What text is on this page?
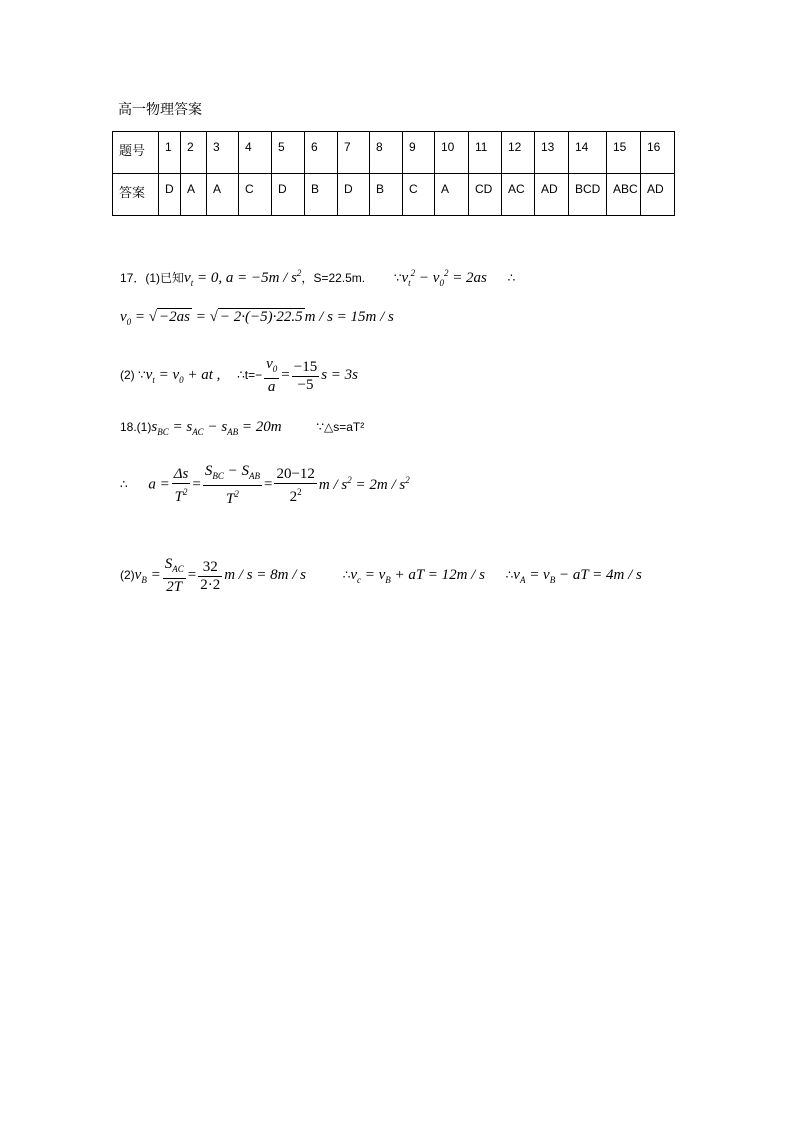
高一物理答案
题号	1	2	3	4	5	6	7	8	9	10	11	12	13	14	15	16
答案	D	A	A	C	D	B	D	B	C	A	CD	AC	AD	BCD	ABC	AD
17．(1)已知$v_t = 0$, $a = -5m / s^2$，S=22.5m. $\because v_t^2 - v_0^2 = 2as$ ∴
$v_0$ = √ −2as = √ − 2·(−5)·22.5 m / s = 15m / s
(2) $\because v_t = v_0$ + at , ∴t=− $\frac{v_0}{a} = \frac{-15}{-5}$ s = 3s
$18.(1)s_{BC} = s_{AC} - s_{AB} = 20m$	∵△s=aT²
∴ $a = \frac{\Delta s}{T^2} = \frac{S_{BC} - S_{AB}}{T^2} = \frac{20-12}{2^2}$ $m / s^2 = 2m / s^2$
$(2)v_B = \frac{S_{AC}}{2T} = \frac{32}{2\cdot 2}$ m / s = 8m / s	$\therefore v_c = v_B$ + aT = 12m / s $\therefore v_A = v_B$ − aT = 4m / s
